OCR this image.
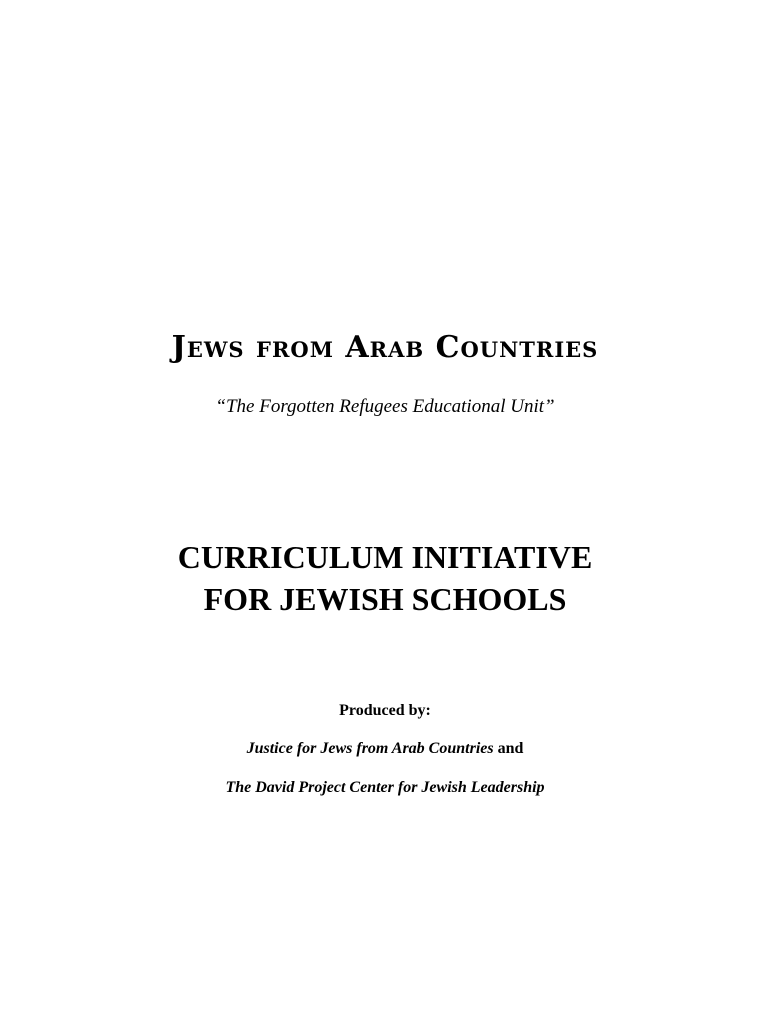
Jews from Arab Countries
“The Forgotten Refugees Educational Unit”
CURRICULUM INITIATIVE
FOR JEWISH SCHOOLS
Produced by:
Justice for Jews from Arab Countries and
The David Project Center for Jewish Leadership
